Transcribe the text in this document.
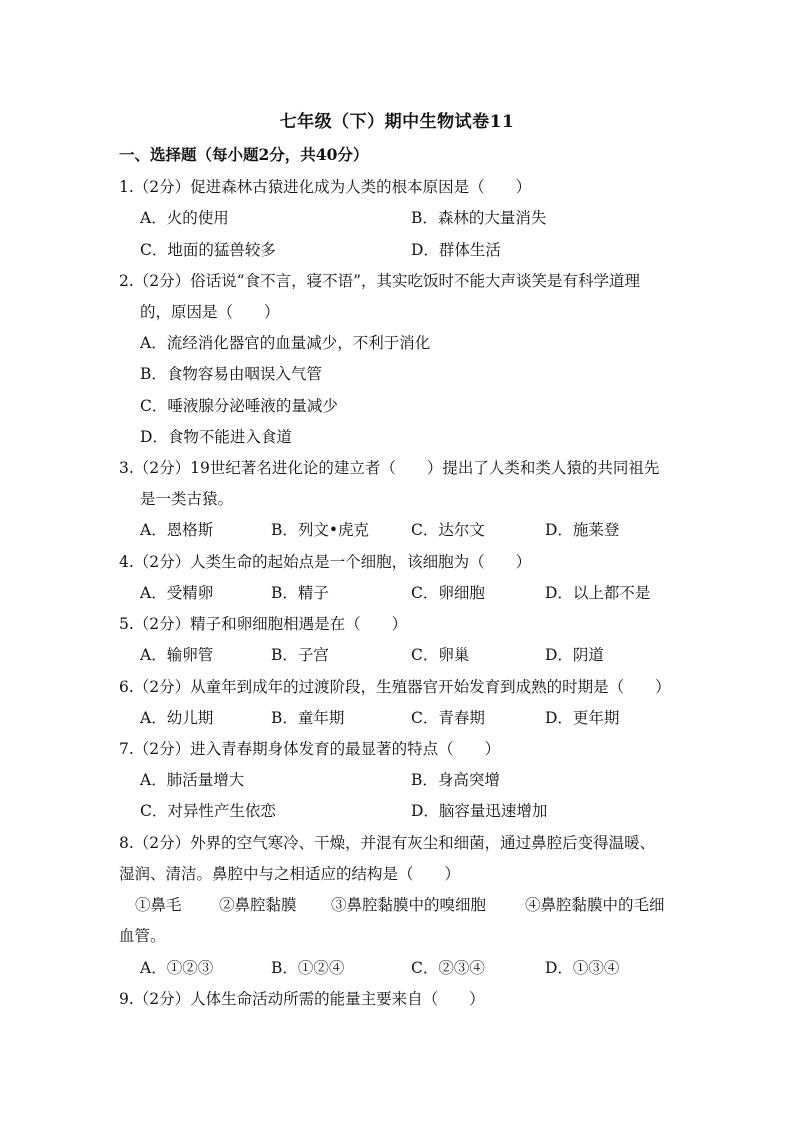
七年级（下）期中生物试卷11
一、选择题（每小题2分，共40分）
1.（2分）促进森林古猿进化成为人类的根本原因是（　　）
A．火的使用	B．森林的大量消失
C．地面的猛兽较多	D．群体生活
2.（2分）俗话说“食不言，寝不语”，其实吃饭时不能大声谈笑是有科学道理
的，原因是（　　）
A．流经消化器官的血量减少，不利于消化
B．食物容易由咽误入气管
C．唾液腺分泌唾液的量减少
D．食物不能进入食道
3.（2分）19世纪著名进化论的建立者（　　）提出了人类和类人猿的共同祖先
是一类古猿。
A．恩格斯	B．列文•虎克	C．达尔文	D．施莱登
4.（2分）人类生命的起始点是一个细胞，该细胞为（　　）
A．受精卵	B．精子	C．卵细胞	D．以上都不是
5.（2分）精子和卵细胞相遇是在（　　）
A．输卵管	B．子宫	C．卵巢	D．阴道
6.（2分）从童年到成年的过渡阶段，生殖器官开始发育到成熟的时期是（　　）
A．幼儿期	B．童年期	C．青春期	D．更年期
7.（2分）进入青春期身体发育的最显著的特点（　　）
A．肺活量增大	B．身高突增
C．对异性产生依恋	D．脑容量迅速增加
8.（2分）外界的空气寒冷、干燥，并混有灰尘和细菌，通过鼻腔后变得温暖、
湿润、清洁。鼻腔中与之相适应的结构是（　　）
①鼻毛 ②鼻腔黏膜 ③鼻腔黏膜中的嗅细胞	④鼻腔黏膜中的毛细
血管。
A．①②③	B．①②④	C．②③④	D．①③④
9.（2分）人体生命活动所需的能量主要来自（　　）
